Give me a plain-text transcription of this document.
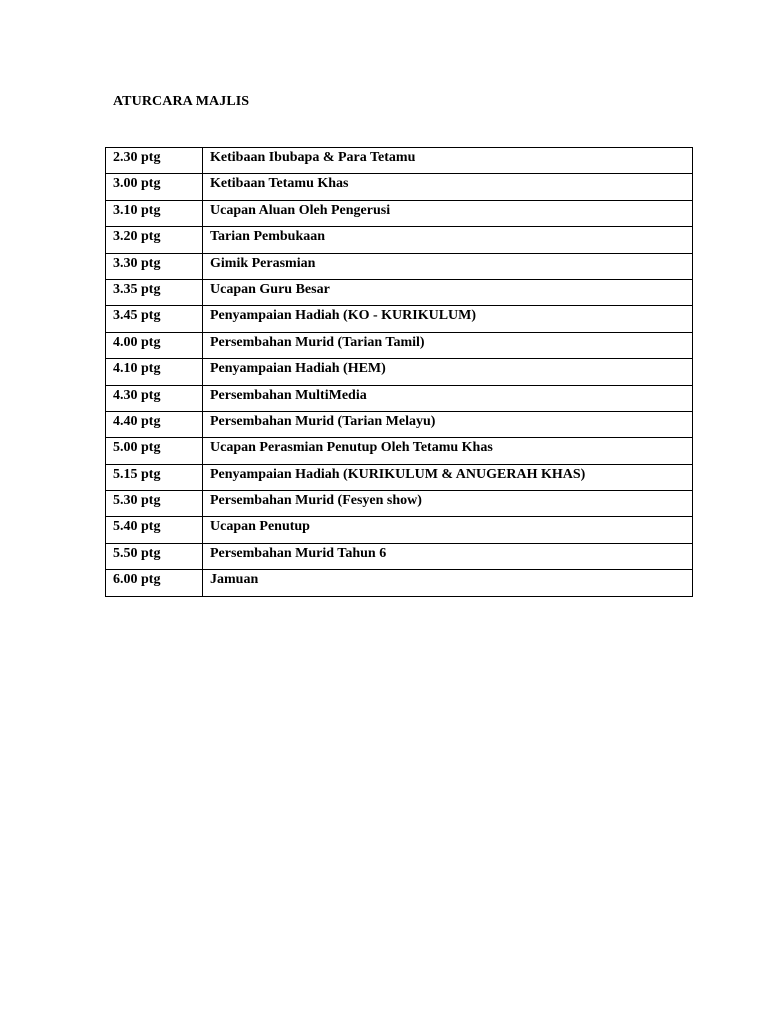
ATURCARA MAJLIS
2.30 ptg	Ketibaan Ibubapa & Para Tetamu
3.00 ptg	Ketibaan Tetamu Khas
3.10 ptg	Ucapan Aluan Oleh Pengerusi
3.20 ptg	Tarian Pembukaan
3.30 ptg	Gimik Perasmian
3.35 ptg	Ucapan Guru Besar
3.45 ptg	Penyampaian Hadiah (KO - KURIKULUM)
4.00 ptg	Persembahan Murid (Tarian Tamil)
4.10 ptg	Penyampaian Hadiah (HEM)
4.30 ptg	Persembahan MultiMedia
4.40 ptg	Persembahan Murid (Tarian Melayu)
5.00 ptg	Ucapan Perasmian Penutup Oleh Tetamu Khas
5.15 ptg	Penyampaian Hadiah (KURIKULUM & ANUGERAH KHAS)
5.30 ptg	Persembahan Murid (Fesyen show)
5.40 ptg	Ucapan Penutup
5.50 ptg	Persembahan Murid Tahun 6
6.00 ptg	Jamuan
